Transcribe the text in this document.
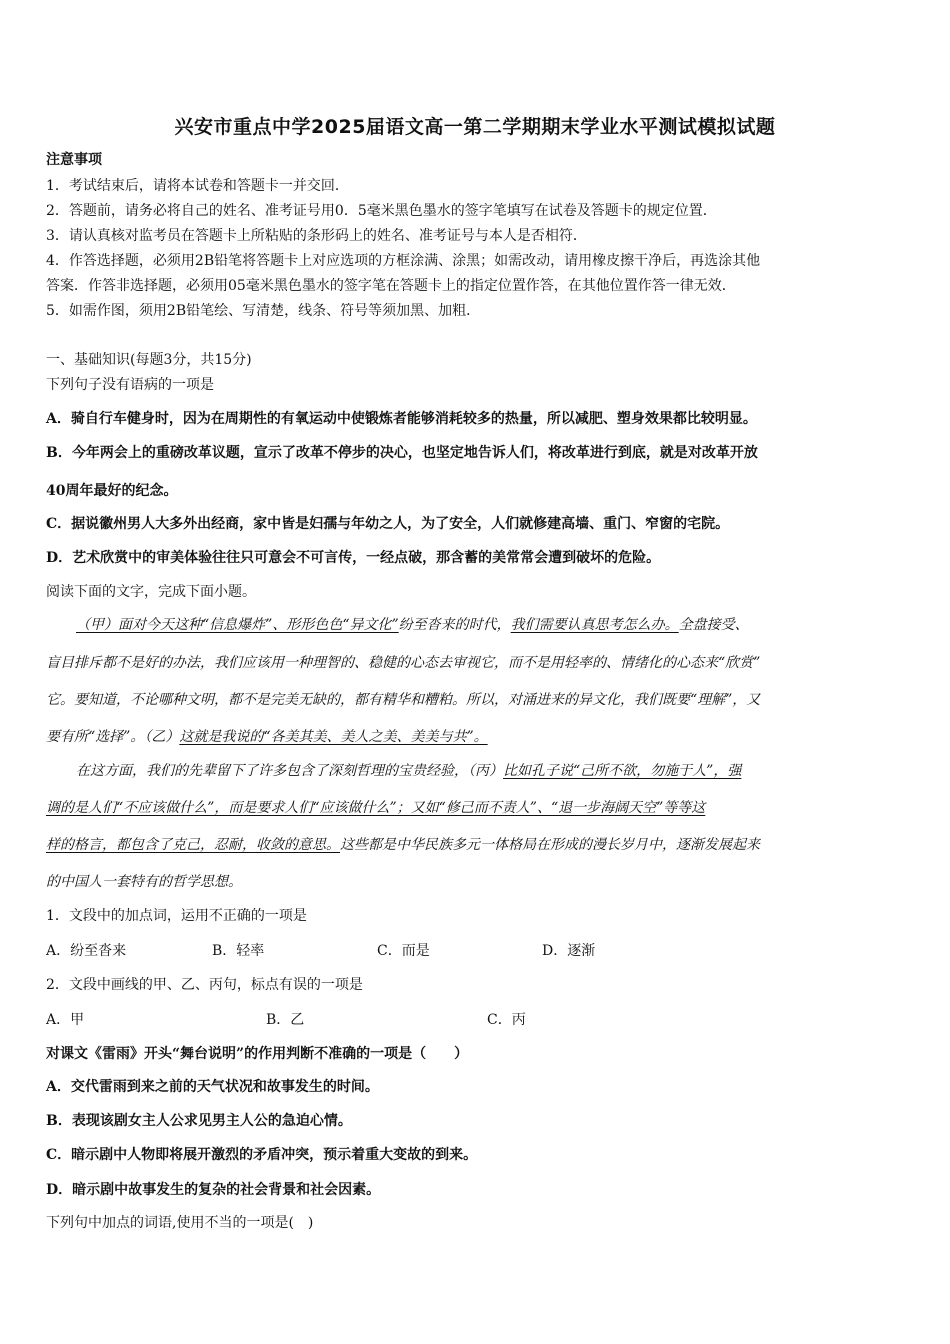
兴安市重点中学2025届语文高一第二学期期末学业水平测试模拟试题
注意事项
1．考试结束后，请将本试卷和答题卡一并交回．
2．答题前，请务必将自己的姓名、准考证号用0．5毫米黑色墨水的签字笔填写在试卷及答题卡的规定位置．
3．请认真核对监考员在答题卡上所粘贴的条形码上的姓名、准考证号与本人是否相符．
4．作答选择题，必须用2B铅笔将答题卡上对应选项的方框涂满、涂黑；如需改动，请用橡皮擦干净后，再选涂其他
答案．作答非选择题，必须用05毫米黑色墨水的签字笔在答题卡上的指定位置作答，在其他位置作答一律无效．
5．如需作图，须用2B铅笔绘、写清楚，线条、符号等须加黑、加粗．
一、基础知识(每题3分，共15分)
下列句子没有语病的一项是
A．骑自行车健身时，因为在周期性的有氧运动中使锻炼者能够消耗较多的热量，所以减肥、塑身效果都比较明显。
B．今年两会上的重磅改革议题，宣示了改革不停步的决心，也坚定地告诉人们，将改革进行到底，就是对改革开放
40周年最好的纪念。
C．据说徽州男人大多外出经商，家中皆是妇孺与年幼之人，为了安全，人们就修建高墙、重门、窄窗的宅院。
D．艺术欣赏中的审美体验往往只可意会不可言传，一经点破，那含蓄的美常常会遭到破坏的危险。
阅读下面的文字，完成下面小题。
（甲）面对今天这种“信息爆炸”、形形色色“异文化”纷至沓来的时代，我们需要认真思考怎么办。全盘接受、
盲目排斥都不是好的办法，我们应该用一种理智的、稳健的心态去审视它，而不是用轻率的、情绪化的心态来“欣赏”
它。要知道，不论哪种文明，都不是完美无缺的，都有精华和糟粕。所以，对涌进来的异文化，我们既要“理解”，又
要有所“选择”。（乙）这就是我说的“各美其美、美人之美、美美与共”。
在这方面，我们的先辈留下了许多包含了深刻哲理的宝贵经验，（丙）比如孔子说“己所不欲，勿施于人”，强
调的是人们“不应该做什么”，而是要求人们“应该做什么”；又如“修己而不责人”、“退一步海阔天空”等等这
样的格言，都包含了克己，忍耐，收敛的意思。这些都是中华民族多元一体格局在形成的漫长岁月中，逐渐发展起来
的中国人一套特有的哲学思想。
1．文段中的加点词，运用不正确的一项是
A．纷至沓来	B．轻率	C．而是	D．逐渐
2．文段中画线的甲、乙、丙句，标点有误的一项是
A．甲	B．乙	C．丙
对课文《雷雨》开头“舞台说明”的作用判断不准确的一项是（　　）
A．交代雷雨到来之前的天气状况和故事发生的时间。
B．表现该剧女主人公求见男主人公的急迫心情。
C．暗示剧中人物即将展开激烈的矛盾冲突，预示着重大变故的到来。
D．暗示剧中故事发生的复杂的社会背景和社会因素。
下列句中加点的词语,使用不当的一项是(　)
